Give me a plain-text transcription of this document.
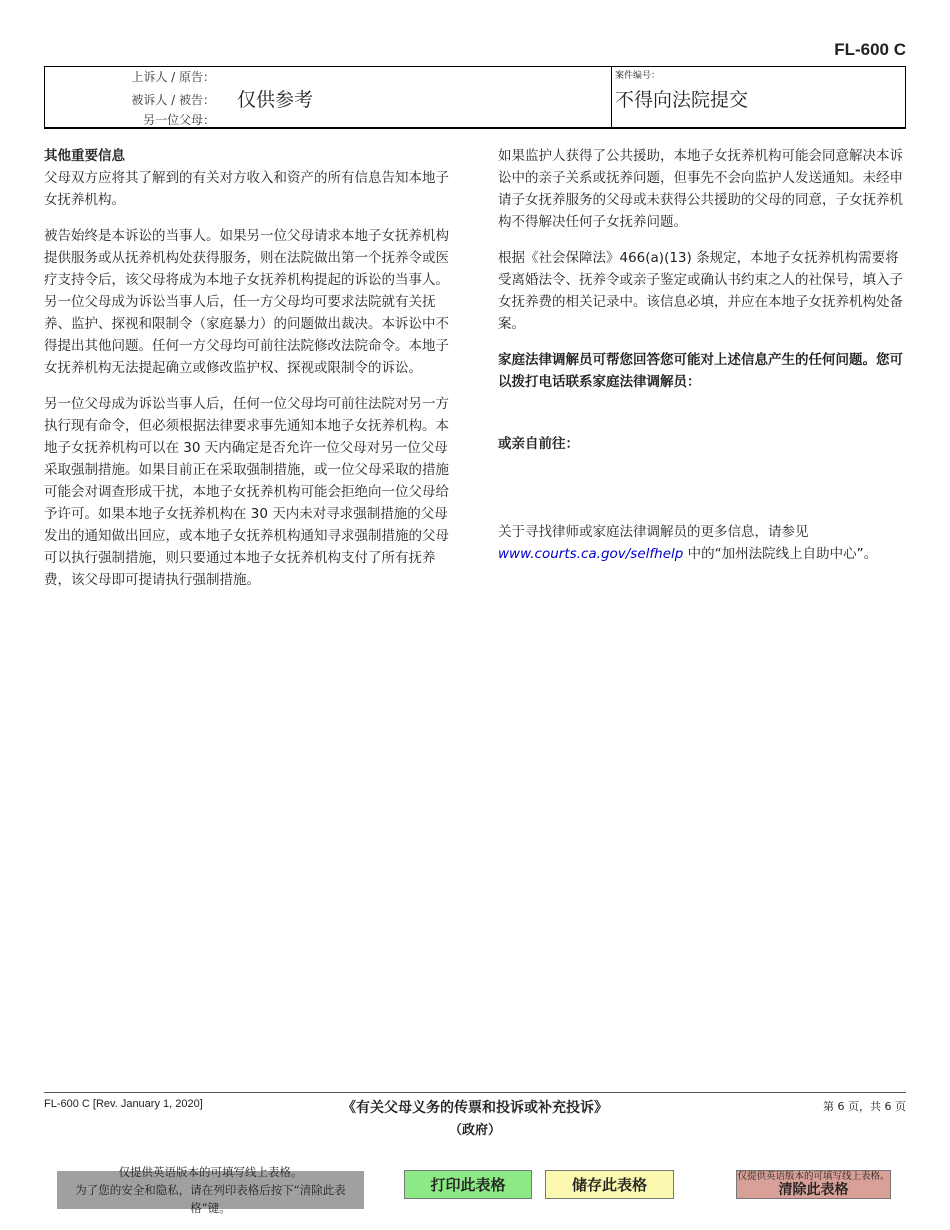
FL-600 C
上诉人 / 原告：
被诉人 / 被告：
另一位父母：
仅供参考
案件编号：
不得向法院提交
其他重要信息

父母双方应将其了解到的有关对方收入和资产的所有信息告知本地子女抚养机构。

被告始终是本诉讼的当事人。如果另一位父母请求本地子女抚养机构提供服务或从抚养机构处获得服务，则在法院做出第一个抚养令或医疗支持令后，该父母将成为本地子女抚养机构提起的诉讼的当事人。另一位父母成为诉讼当事人后，任一方父母均可要求法院就有关抚养、监护、探视和限制令（家庭暴力）的问题做出裁决。本诉讼中不得提出其他问题。任何一方父母均可前往法院修改法院命令。本地子女抚养机构无法提起确立或修改监护权、探视或限制令的诉讼。

另一位父母成为诉讼当事人后，任何一位父母均可前往法院对另一方执行现有命令，但必须根据法律要求事先通知本地子女抚养机构。本地子女抚养机构可以在 30 天内确定是否允许一位父母对另一位父母采取强制措施。如果目前正在采取强制措施，或一位父母采取的措施可能会对调查形成干扰，本地子女抚养机构可能会拒绝向一位父母给予许可。如果本地子女抚养机构在 30 天内未对寻求强制措施的父母发出的通知做出回应，或本地子女抚养机构通知寻求强制措施的父母可以执行强制措施，则只要通过本地子女抚养机构支付了所有抚养费，该父母即可提请执行强制措施。

如果监护人获得了公共援助，本地子女抚养机构可能会同意解决本诉讼中的亲子关系或抚养问题，但事先不会向监护人发送通知。未经申请子女抚养服务的父母或未获得公共援助的父母的同意，子女抚养机构不得解决任何子女抚养问题。

根据《社会保障法》466(a)(13) 条规定，本地子女抚养机构需要将受离婚法令、抚养令或亲子鉴定或确认书约束之人的社保号，填入子女抚养费的相关记录中。该信息必填，并应在本地子女抚养机构处备案。

家庭法律调解员可帮您回答您可能对上述信息产生的任何问题。您可以拨打电话联系家庭法律调解员：

或亲自前往：

关于寻找律师或家庭法律调解员的更多信息，请参见
www.courts.ca.gov/selfhelp 中的“加州法院线上自助中心”。

FL-600 C [Rev. January 1, 2020]	《有关父母义务的传票和投诉或补充投诉》
（政府）
第 6 页，共 6 页
仅提供英语版本的可填写线上表格。
为了您的安全和隐私，请在列印表格后按下“清除此表格”键。
打印此表格	储存此表格	仅提供英语版本的可填写线上表格。
清除此表格
